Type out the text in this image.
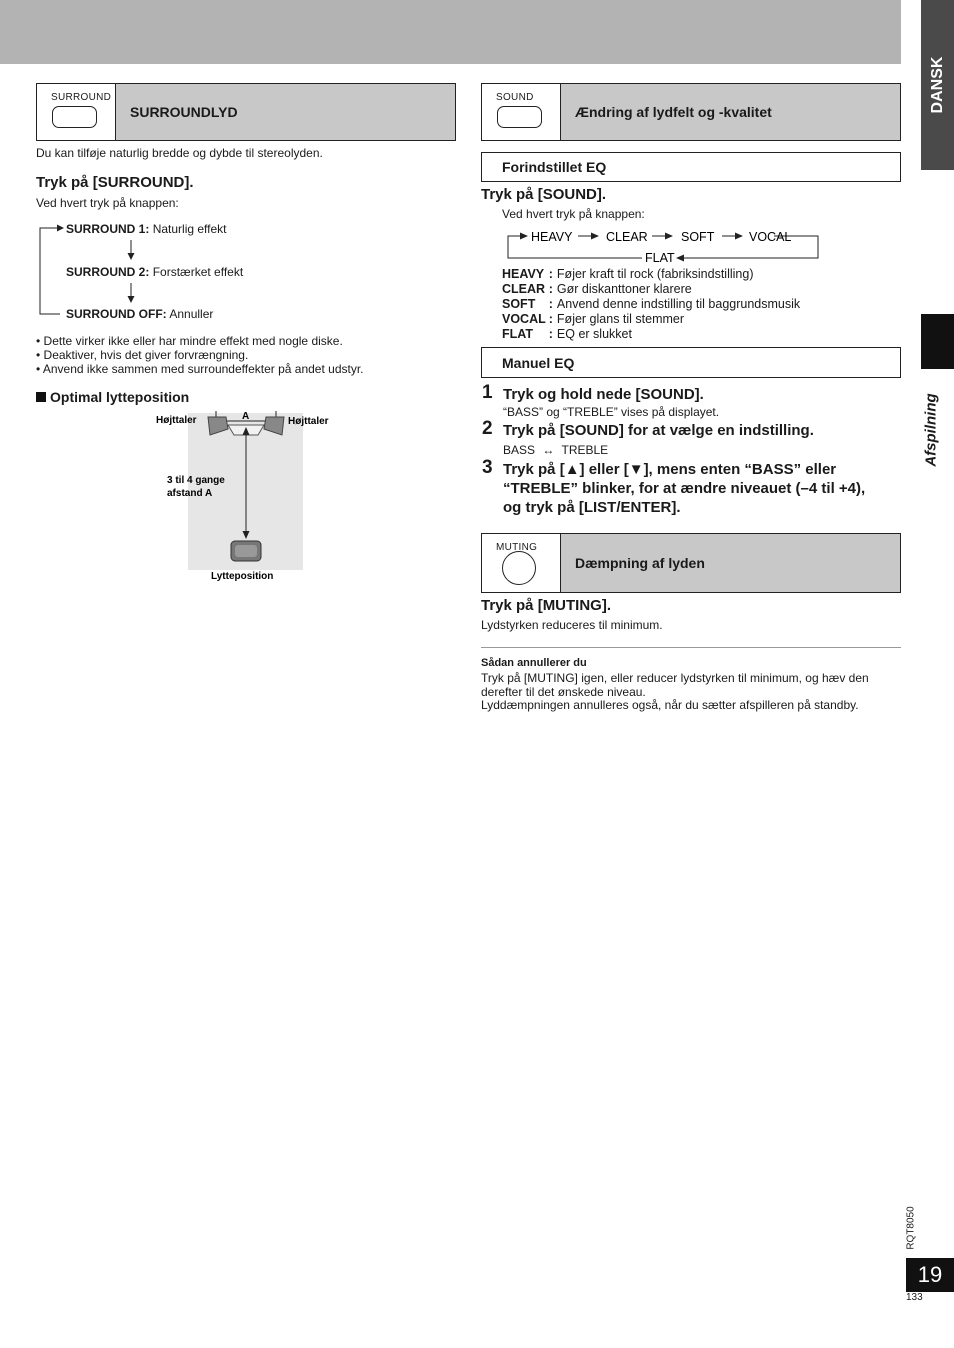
DANSK
Afspilning
SURROUND
SURROUNDLYD
Du kan tilføje naturlig bredde og dybde til stereolyden.
Tryk på [SURROUND].
Ved hvert tryk på knappen:
SURROUND 1: Naturlig effekt
SURROUND 2: Forstærket effekt
SURROUND OFF: Annuller
• Dette virker ikke eller har mindre effekt med nogle diske.
• Deaktiver, hvis det giver forvrængning.
• Anvend ikke sammen med surroundeffekter på andet udstyr.
Optimal lytteposition
Højttaler	Højttaler
A
3 til 4 gange
afstand A
Lytteposition
SOUND
Ændring af lydfelt og -kvalitet
Forindstillet EQ
Tryk på [SOUND].
Ved hvert tryk på knappen:
HEAVY	CLEAR	SOFT	VOCAL
FLAT
HEAVY	:	Føjer kraft til rock (fabriksindstilling)
CLEAR	:	Gør diskanttoner klarere
SOFT	:	Anvend denne indstilling til baggrundsmusik
VOCAL	:	Føjer glans til stemmer
FLAT	:	EQ er slukket
Manuel EQ
1 Tryk og hold nede [SOUND].
“BASS” og “TREBLE” vises på displayet.
2 Tryk på [SOUND] for at vælge en indstilling.
BASS ↔ TREBLE
3 Tryk på [▲] eller [▼], mens enten “BASS” eller
“TREBLE” blinker, for at ændre niveauet (–4 til +4),
og tryk på [LIST/ENTER].
MUTING
Dæmpning af lyden
Tryk på [MUTING].
Lydstyrken reduceres til minimum.
Sådan annullerer du
Tryk på [MUTING] igen, eller reducer lydstyrken til minimum, og hæv den
derefter til det ønskede niveau.
Lyddæmpningen annulleres også, når du sætter afspilleren på standby.
RQT8050
19
133
